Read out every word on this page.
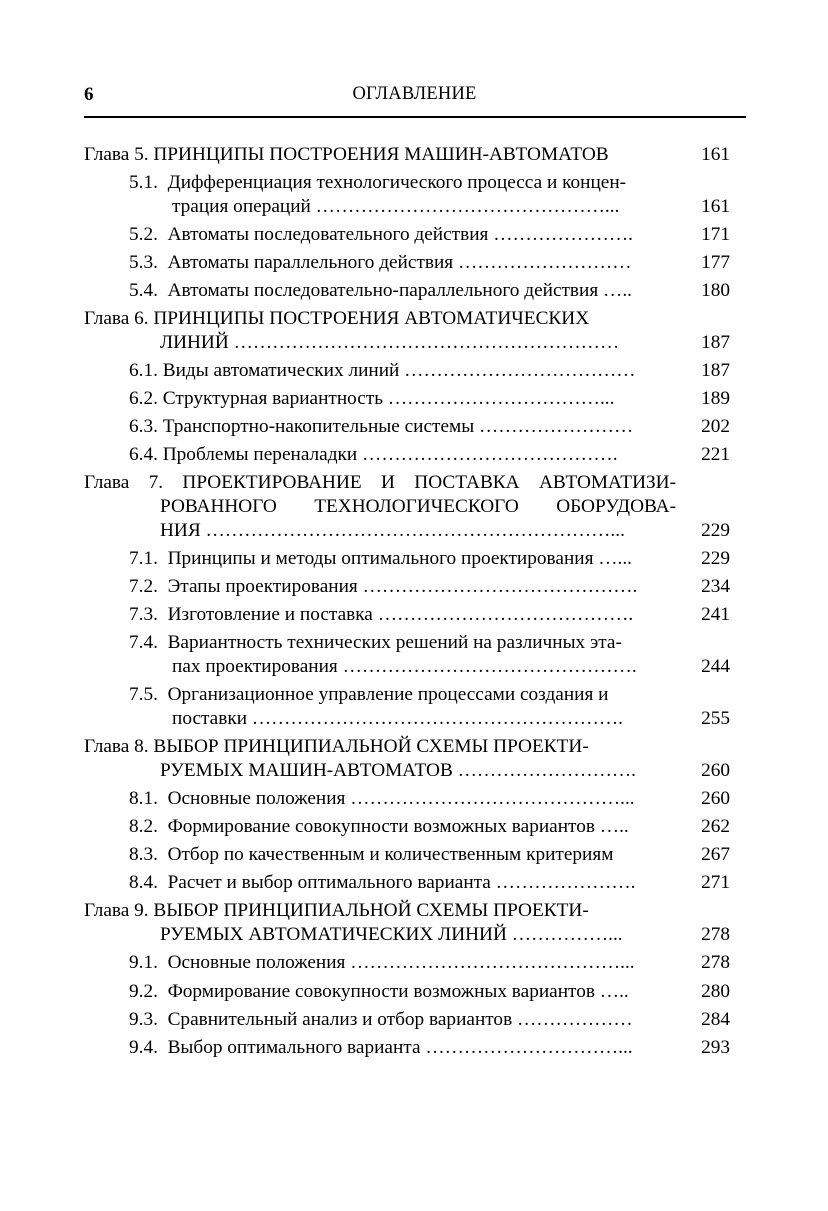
6	ОГЛАВЛЕНИЕ
Глава 5. ПРИНЦИПЫ ПОСТРОЕНИЯ МАШИН-АВТОМАТОВ	161
5.1.  Дифференциация технологического процесса и концен-
трация операций ………………………………………...	161
5.2.  Автоматы последовательного действия ………………….	171
5.3.  Автоматы параллельного действия ………………………	177
5.4.  Автоматы последовательно-параллельного действия …..	180
Глава 6. ПРИНЦИПЫ ПОСТРОЕНИЯ АВТОМАТИЧЕСКИХ
ЛИНИЙ ……………………………………………………	187
6.1. Виды автоматических линий ………………………………	187
6.2. Структурная вариантность ……………………………...	189
6.3. Транспортно-накопительные системы ……………………	202
6.4. Проблемы переналадки ………………………………….	221
Глава 7. ПРОЕКТИРОВАНИЕ И ПОСТАВКА АВТОМАТИЗИ-
РОВАННОГО ТЕХНОЛОГИЧЕСКОГО ОБОРУДОВА-
НИЯ ………………………………………………………...	229
7.1.  Принципы и методы оптимального проектирования …...	229
7.2.  Этапы проектирования …………………………………….	234
7.3.  Изготовление и поставка ………………………………….	241
7.4.  Вариантность технических решений на различных эта-
пах проектирования ……………………………………….	244
7.5.  Организационное управление процессами создания и
поставки ………………………………………………….	255
Глава 8. ВЫБОР ПРИНЦИПИАЛЬНОЙ СХЕМЫ ПРОЕКТИ-
РУЕМЫХ МАШИН-АВТОМАТОВ ……………………….	260
8.1.  Основные положения ……………………………………...	260
8.2.  Формирование совокупности возможных вариантов …..	262
8.3.  Отбор по качественным и количественным критериям	267
8.4.  Расчет и выбор оптимального варианта ………………….	271
Глава 9. ВЫБОР ПРИНЦИПИАЛЬНОЙ СХЕМЫ ПРОЕКТИ-
РУЕМЫХ АВТОМАТИЧЕСКИХ ЛИНИЙ ……………...	278
9.1.  Основные положения ……………………………………...	278
9.2.  Формирование совокупности возможных вариантов …..	280
9.3.  Сравнительный анализ и отбор вариантов ………………	284
9.4.  Выбор оптимального варианта …………………………...	293
